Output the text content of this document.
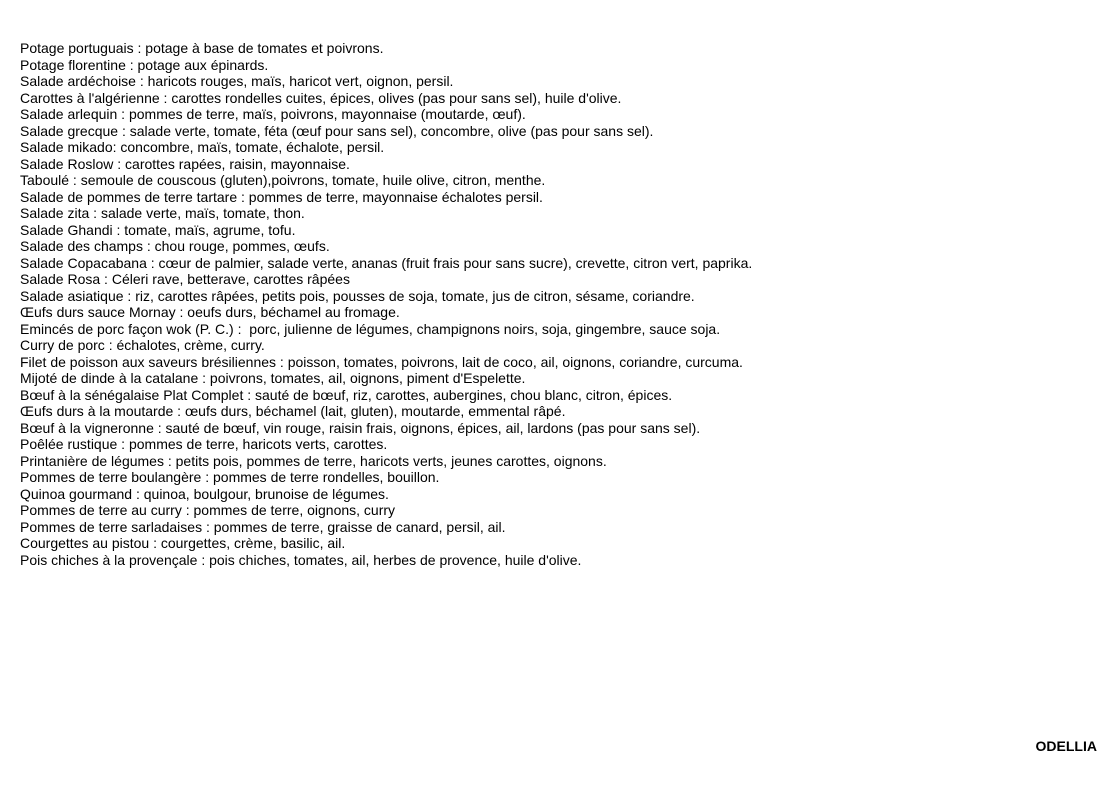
Potage portuguais : potage à base de tomates et poivrons.
Potage florentine : potage aux épinards.
Salade ardéchoise : haricots rouges, maïs, haricot vert, oignon, persil.
Carottes à l'algérienne : carottes rondelles cuites, épices, olives (pas pour sans sel), huile d'olive.
Salade arlequin : pommes de terre, maïs, poivrons, mayonnaise (moutarde, œuf).
Salade grecque : salade verte, tomate, féta (œuf pour sans sel), concombre, olive (pas pour sans sel).
Salade mikado: concombre, maïs, tomate, échalote, persil.
Salade Roslow : carottes rapées, raisin, mayonnaise.
Taboulé : semoule de couscous (gluten),poivrons, tomate, huile olive, citron, menthe.
Salade de pommes de terre tartare : pommes de terre, mayonnaise échalotes persil.
Salade zita : salade verte, maïs, tomate, thon.
Salade Ghandi : tomate, maïs, agrume, tofu.
Salade des champs : chou rouge, pommes, œufs.
Salade Copacabana : cœur de palmier, salade verte, ananas (fruit frais pour sans sucre), crevette, citron vert, paprika.
Salade Rosa : Céleri rave, betterave, carottes râpées
Salade asiatique : riz, carottes râpées, petits pois, pousses de soja, tomate, jus de citron, sésame, coriandre.
Œufs durs sauce Mornay : oeufs durs, béchamel au fromage.
Emincés de porc façon wok (P. C.) :  porc, julienne de légumes, champignons noirs, soja, gingembre, sauce soja.
Curry de porc : échalotes, crème, curry.
Filet de poisson aux saveurs brésiliennes : poisson, tomates, poivrons, lait de coco, ail, oignons, coriandre, curcuma.
Mijoté de dinde à la catalane : poivrons, tomates, ail, oignons, piment d'Espelette.
Bœuf à la sénégalaise Plat Complet : sauté de bœuf, riz, carottes, aubergines, chou blanc, citron, épices.
Œufs durs à la moutarde : œufs durs, béchamel (lait, gluten), moutarde, emmental râpé.
Bœuf à la vigneronne : sauté de bœuf, vin rouge, raisin frais, oignons, épices, ail, lardons (pas pour sans sel).
Poêlée rustique : pommes de terre, haricots verts, carottes.
Printanière de légumes : petits pois, pommes de terre, haricots verts, jeunes carottes, oignons.
Pommes de terre boulangère : pommes de terre rondelles, bouillon.
Quinoa gourmand : quinoa, boulgour, brunoise de légumes.
Pommes de terre au curry : pommes de terre, oignons, curry
Pommes de terre sarladaises : pommes de terre, graisse de canard, persil, ail.
Courgettes au pistou : courgettes, crème, basilic, ail.
Pois chiches à la provençale : pois chiches, tomates, ail, herbes de provence, huile d'olive.
ODELLIA
